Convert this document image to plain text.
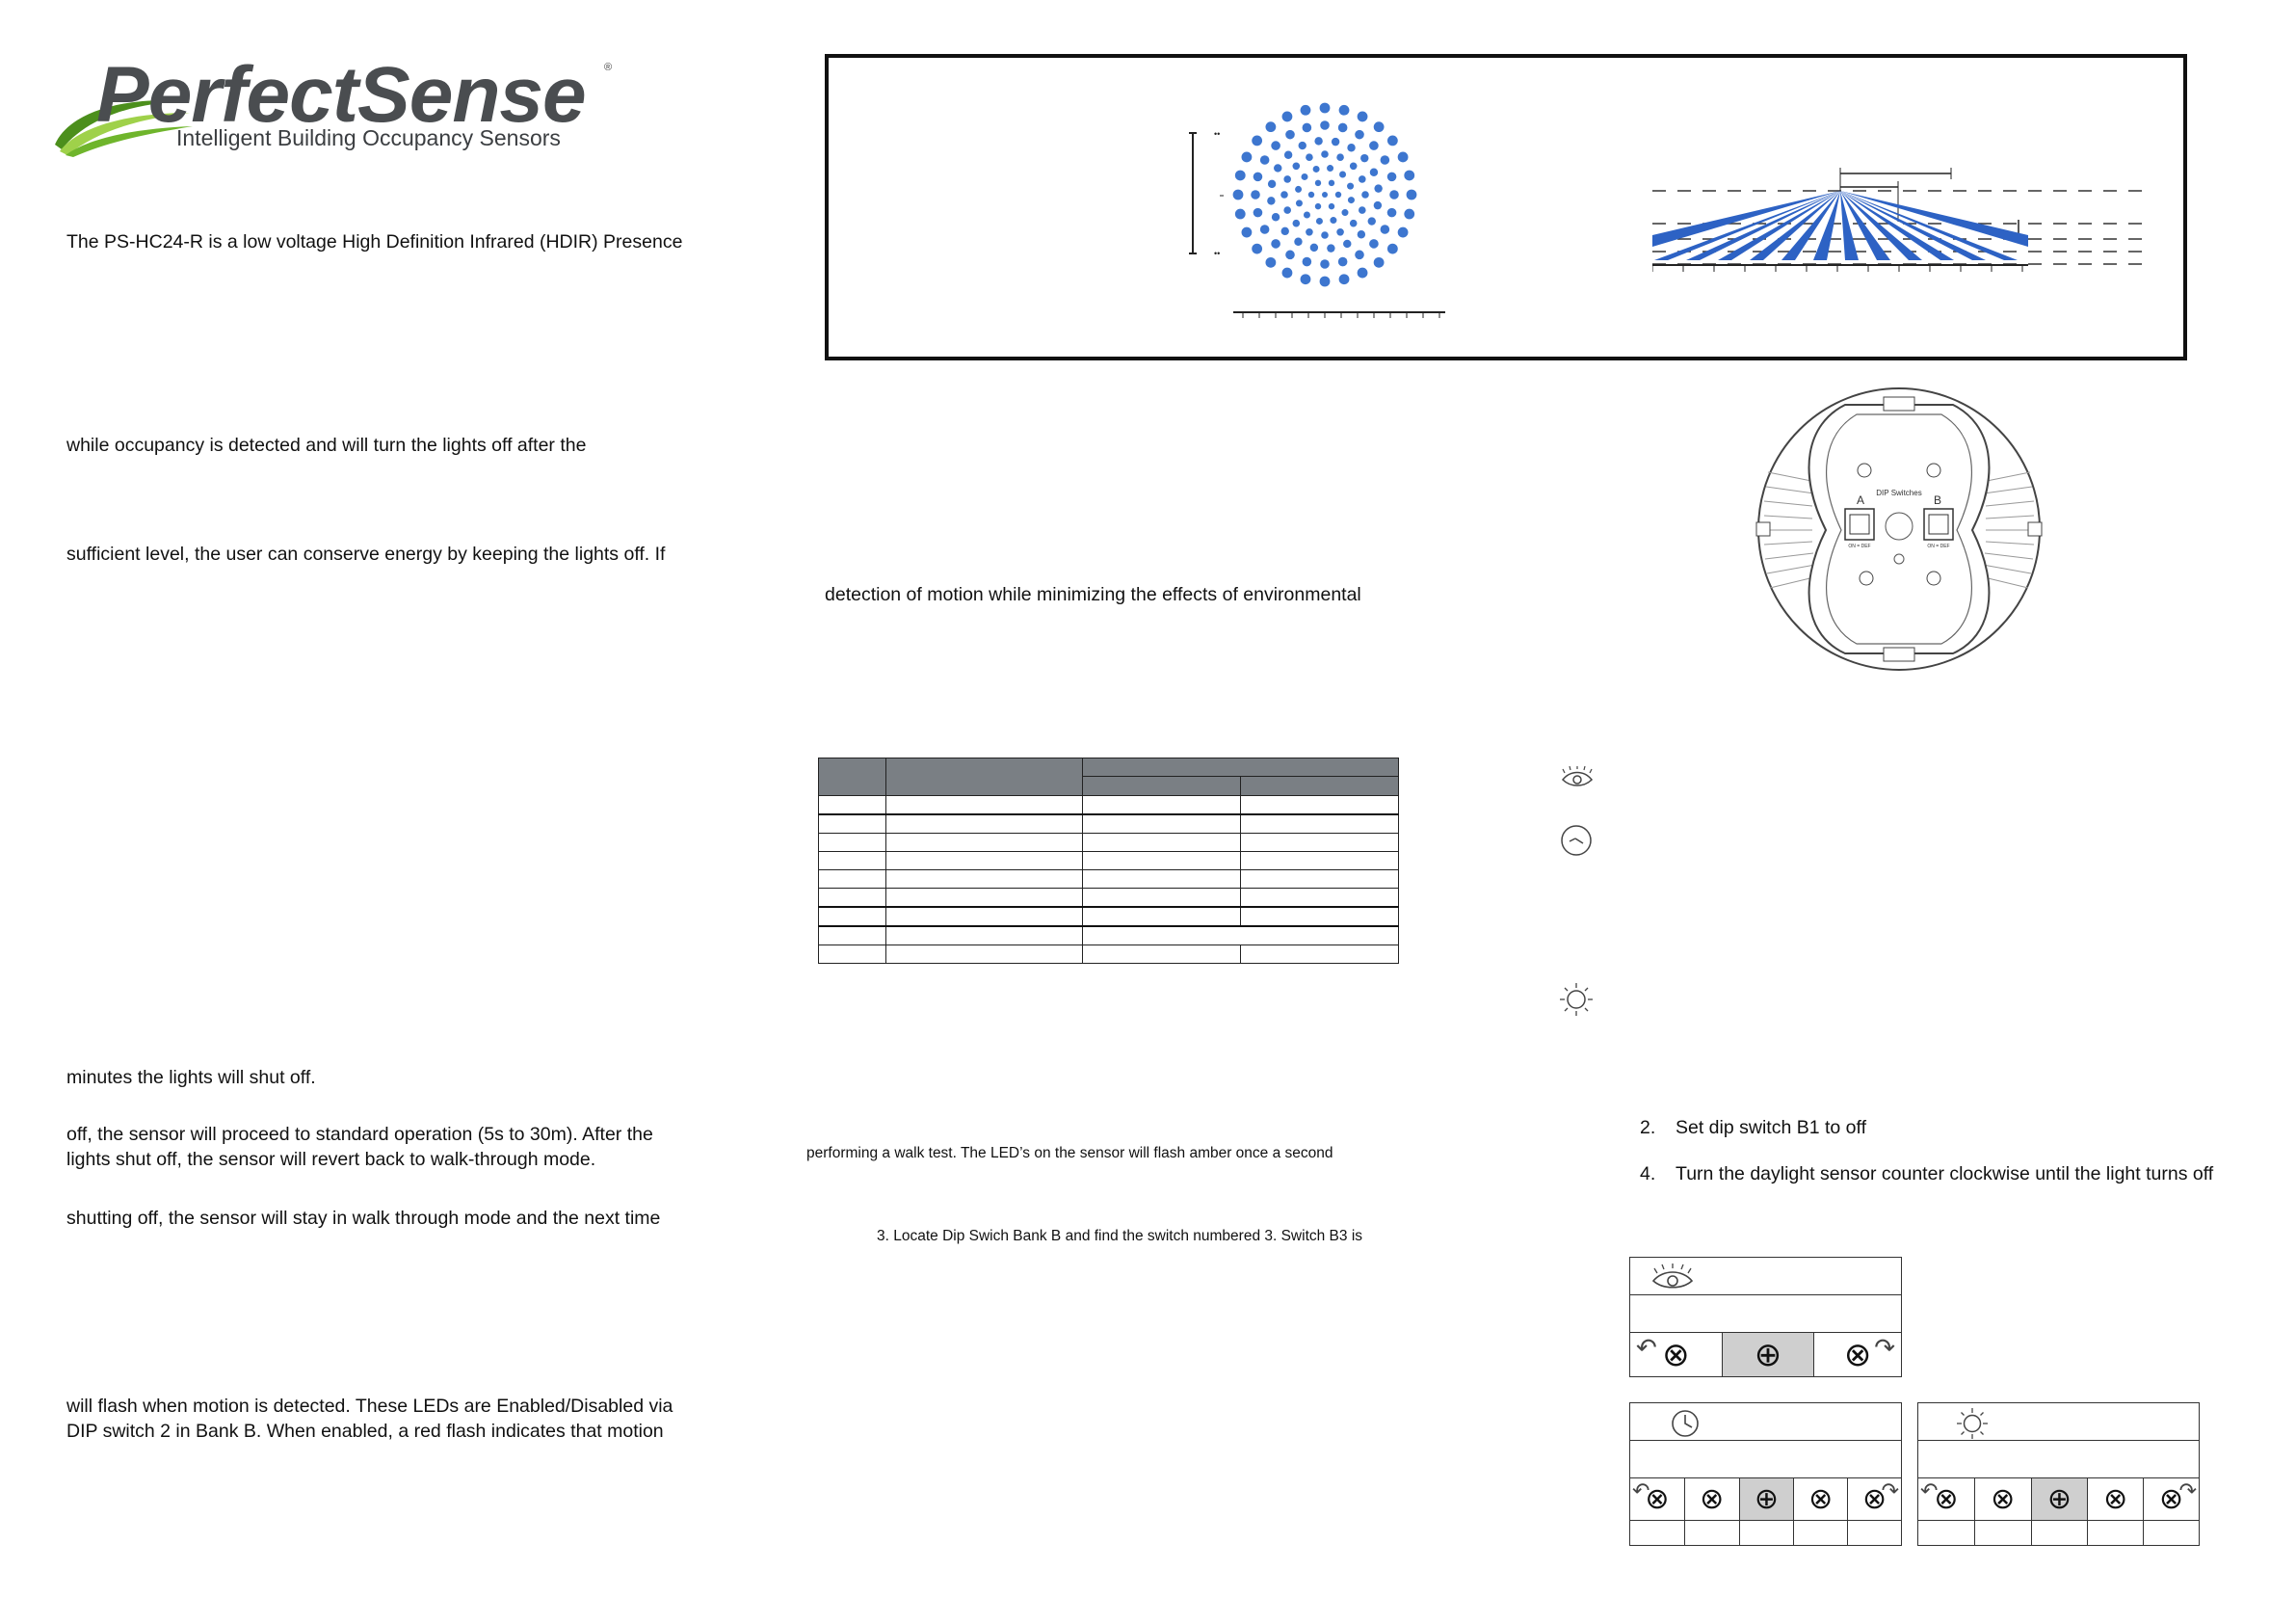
PerfectSense ®
Intelligent Building Occupancy Sensors
The PS-HC24-R is a low voltage High Definition Infrared (HDIR) Presence
while occupancy is detected and will turn the lights off after the
sufficient level, the user can conserve energy by keeping the lights off. If
minutes the lights will shut off.
off, the sensor will proceed to standard operation (5s to 30m). After the
lights shut off, the sensor will revert back to walk-through mode.
shutting off, the sensor will stay in walk through mode and the next time
will flash when motion is detected. These LEDs are Enabled/Disabled via
DIP switch 2 in Bank B. When enabled, a red flash indicates that motion
••
••
detection of motion while minimizing the effects of environmental
performing a walk test. The LED’s on the sensor will flash amber once a second
3. Locate Dip Swich Bank B and find the switch numbered 3. Switch B3 is

DIP Switches
A	B
ON = DEF	ON = DEF
2. Set dip switch B1 to off
4. Turn the daylight sensor counter clockwise until the light turns off

↶ ⊗	⊕	⊗ ↷

↶
⊗	⊗	⊕	⊗	⊗
↷

				↶
⊗	⊗	⊕	⊗	⊗
↷
